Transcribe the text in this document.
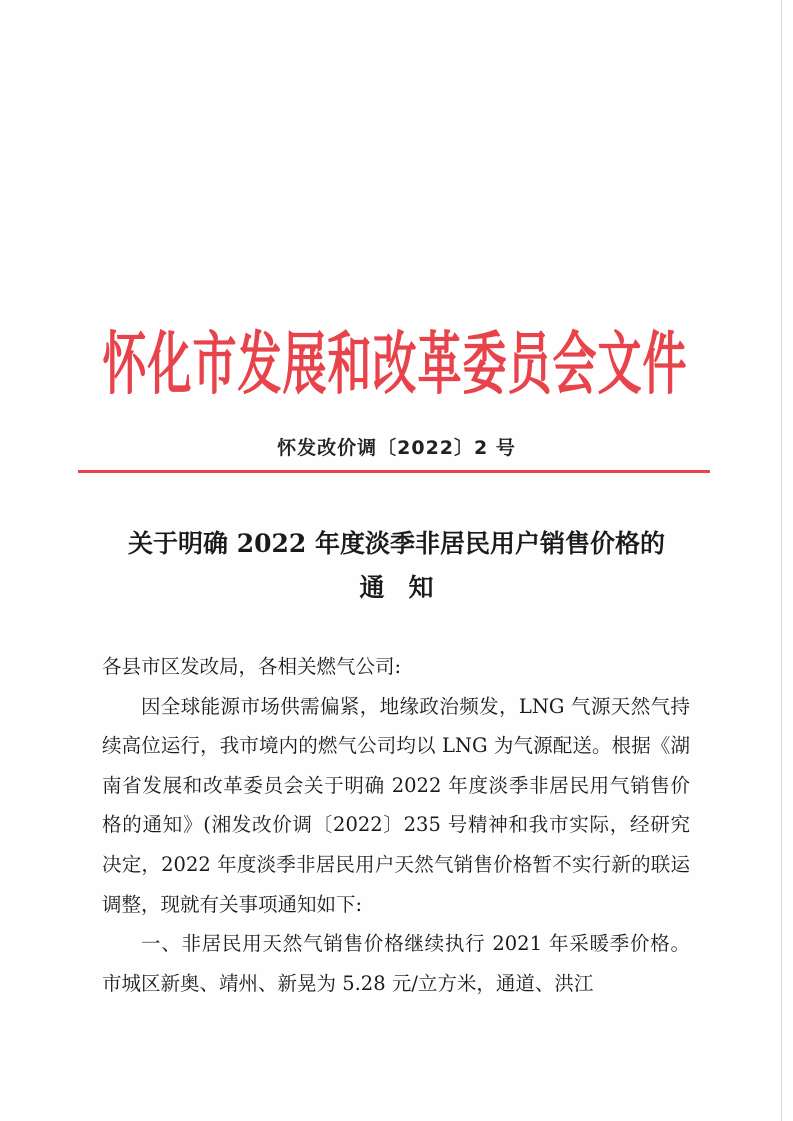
怀化市发展和改革委员会文件
怀发改价调〔2022〕2 号
关于明确 2022 年度淡季非居民用户销售价格的
通知

各县市区发改局，各相关燃气公司:

因全球能源市场供需偏紧，地缘政治频发，LNG 气源天然气持续高位运行，我市境内的燃气公司均以 LNG 为气源配送。根据《湖南省发展和改革委员会关于明确 2022 年度淡季非居民用气销售价格的通知》(湘发改价调〔2022〕235 号精神和我市实际，经研究决定，2022 年度淡季非居民用户天然气销售价格暂不实行新的联运调整，现就有关事项通知如下:

一、非居民用天然气销售价格继续执行 2021 年采暖季价格。市城区新奥、靖州、新晃为 5.28 元/立方米，通道、洪江
